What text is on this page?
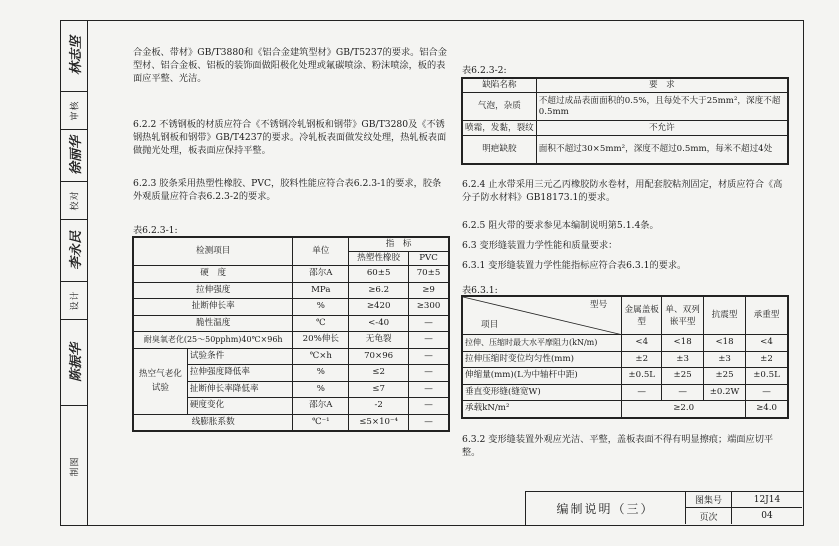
林志坚
审核
徐丽华
校对
李永民
设计
陈振华
制图

合金板、带材》GB/T3880和《铝合金建筑型材》GB/T5237的要求。铝合金型材、铝合金板、铝板的装饰面做阳极化处理或氟碳喷涂、粉沫喷涂，板的表面应平整、光洁。

6.2.2 不锈钢板的材质应符合《不锈钢冷轧钢板和钢带》GB/T3280及《不锈钢热轧钢板和钢带》GB/T4237的要求。冷轧板表面做发纹处理，热轧板表面做抛光处理，板表面应保持平整。

6.2.3 胶条采用热塑性橡胶、PVC，胶料性能应符合表6.2.3-1的要求，胶条外观质量应符合表6.2.3-2的要求。

表6.2.3-1:
检测项目		单位	指　标	
			热塑性橡胶	PVC
硬　度		邵尔A	60±5	70±5
拉伸强度		MPa	≥6.2	≥9
扯断伸长率		%	≥420	≥300
脆性温度		℃	<-40	—
耐臭氧老化(25～50pphm)40℃×96h		20%伸长	无龟裂	—
热空气老化试验	试验条件	℃×h	70×96	—
	拉伸强度降低率	%	≤2	—
	扯断伸长率降低率	%	≤7	—
	硬度变化	邵尔A	-2	—
线膨胀系数		℃⁻¹	≤5×10⁻⁴	—
表6.2.3-2:
缺陷名称	要　求
气泡，杂质	不超过成品表面面积的0.5%，且每处不大于25mm²，深度不超0.5mm
喷霜，发黏，裂纹	不允许
明疤缺胶	面积不超过30×5mm²，深度不超过0.5mm，每米不超过4处

6.2.4 止水带采用三元乙丙橡胶防水卷材，用配套胶粘剂固定，材质应符合《高分子防水材料》GB18173.1的要求。

6.2.5 阻火带的要求参见本编制说明第5.1.4条。

6.3 变形缝装置力学性能和质量要求：

6.3.1 变形缝装置力学性能指标应符合表6.3.1的要求。

表6.3.1:
型号
项目	金属盖板型	单、双列嵌平型	抗震型	承重型
拉伸、压缩时最大水平摩阻力(kN/m)	<4	<18	<18	<4
拉伸压缩时变位均匀性(mm)	±2	±3	±3	±2
伸缩量(mm)(L为中轴杆中距)	±0.5L	±25	±25	±0.5L
垂直变形缝(缝宽W)	—	—	±0.2W	—
承载kN/m²	≥2.0			≥4.0

6.3.2 变形缝装置外观应光洁、平整，盖板表面不得有明显擦痕；端面应切平整。

编制说明（三）
图集号	12J14
页次	04
